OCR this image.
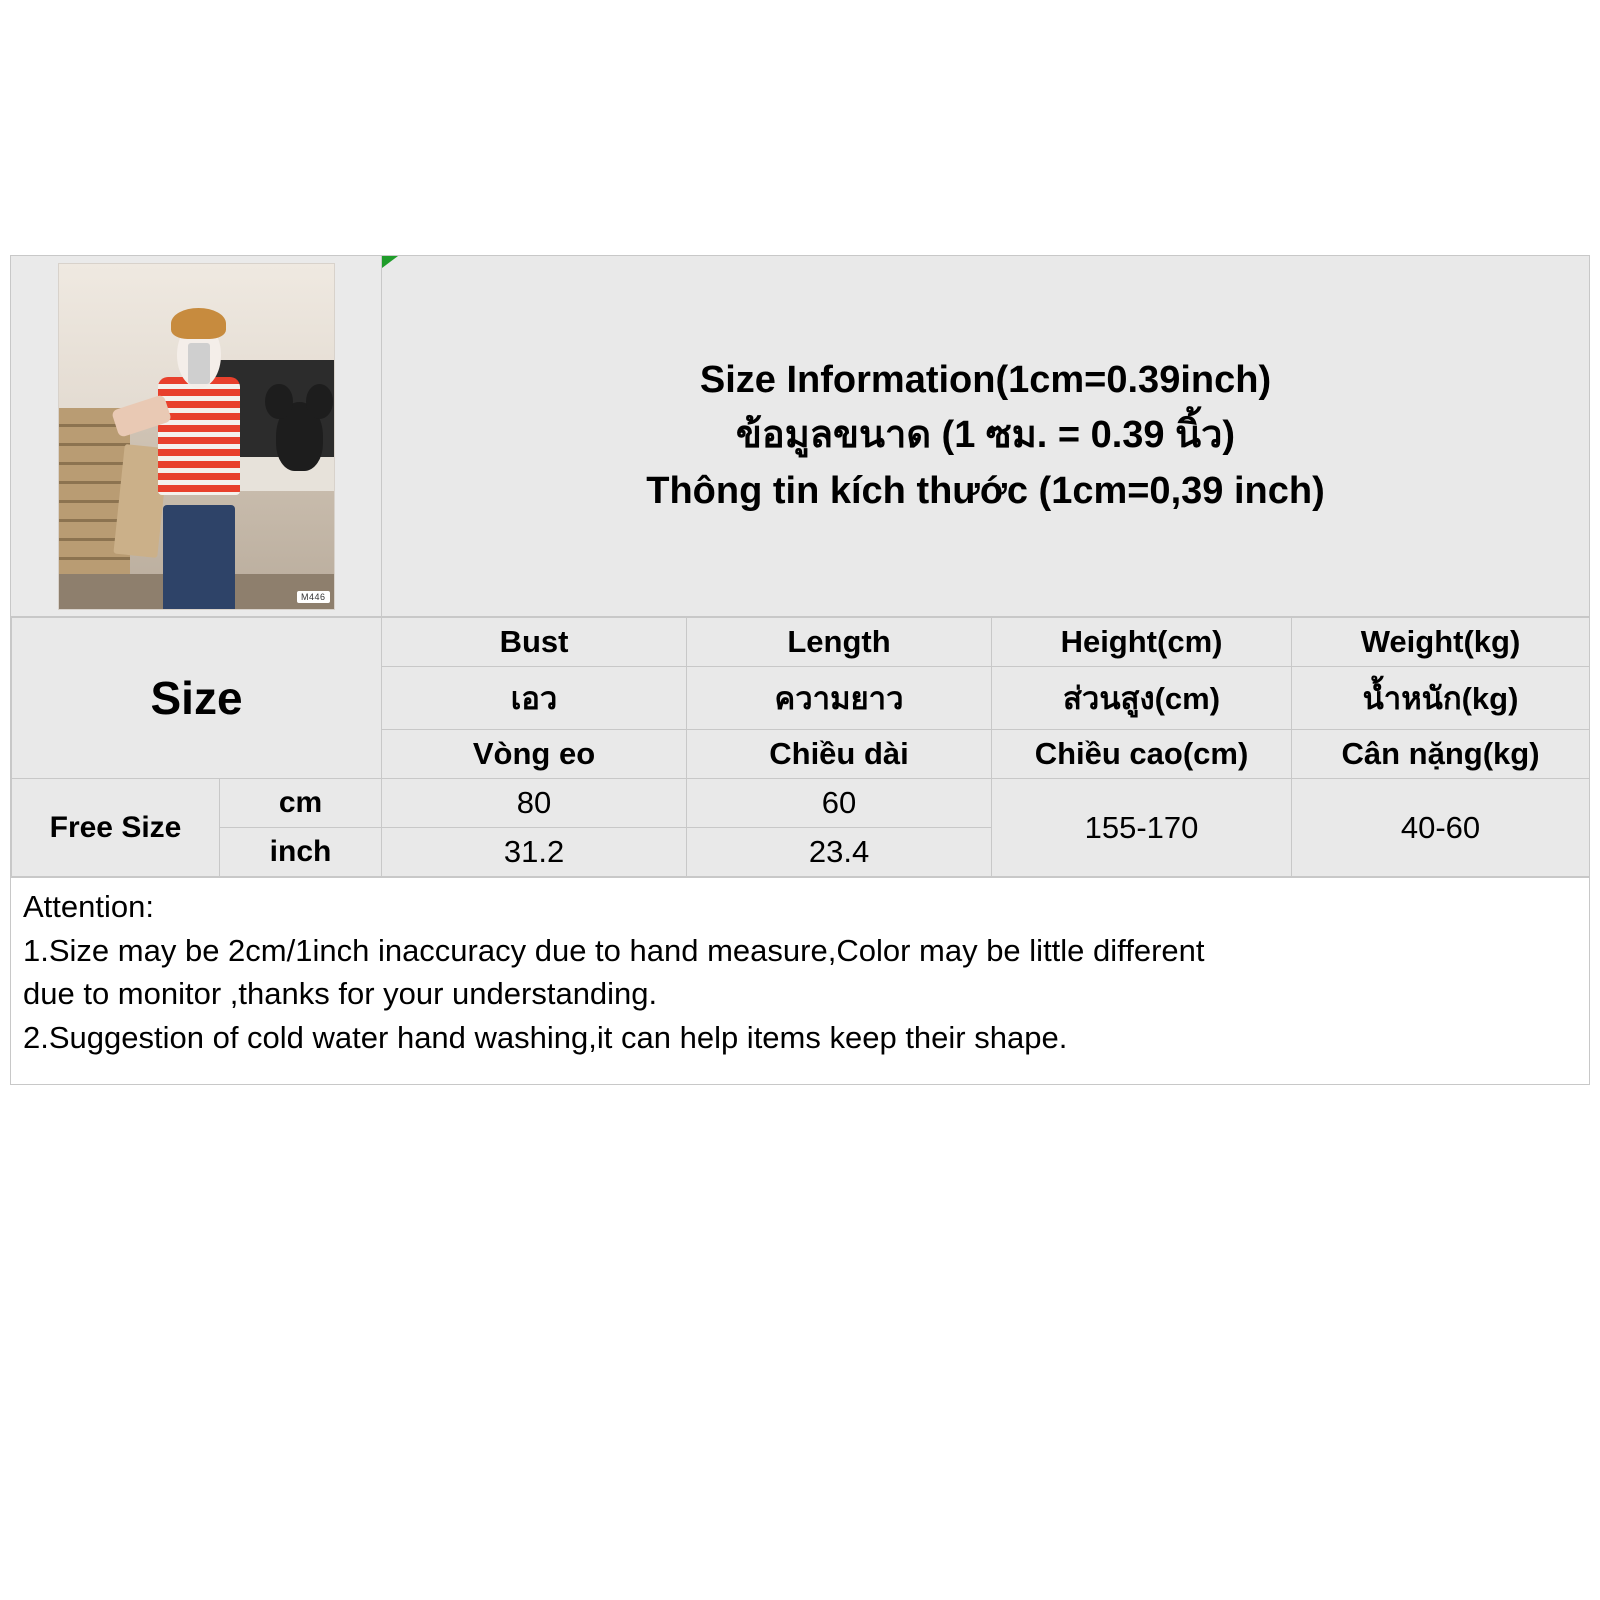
M446
Size Information(1cm=0.39inch)
ข้อมูลขนาด (1 ซม. = 0.39 นิ้ว)
Thông tin kích thước (1cm=0,39 inch)
Size		Bust	Length	Height(cm)	Weight(kg)
		เอว	ความยาว	ส่วนสูง(cm)	น้ำหนัก(kg)
		Vòng eo	Chiều dài	Chiều cao(cm)	Cân nặng(kg)
Free Size	cm	80	60	155-170	40-60
	inch	31.2	23.4		

Attention:

1.Size may be 2cm/1inch inaccuracy due to hand measure,Color may be little different

due to monitor ,thanks for your understanding.

2.Suggestion of cold water hand washing,it can help items keep their shape.
